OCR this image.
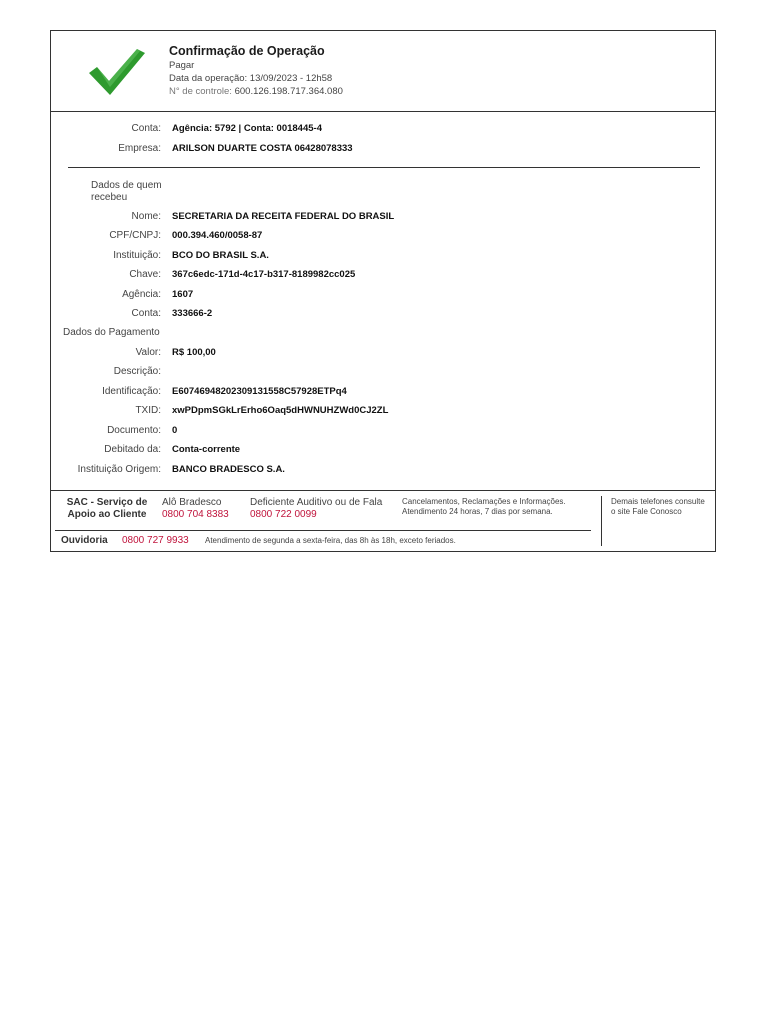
Confirmação de Operação
Pagar
Data da operação: 13/09/2023 - 12h58
N° de controle: 600.126.198.717.364.080
Conta: Agência: 5792 | Conta: 0018445-4
Empresa: ARILSON DUARTE COSTA 06428078333
Dados de quem recebeu
Nome: SECRETARIA DA RECEITA FEDERAL DO BRASIL
CPF/CNPJ: 000.394.460/0058-87
Instituição: BCO DO BRASIL S.A.
Chave: 367c6edc-171d-4c17-b317-8189982cc025
Agência: 1607
Conta: 333666-2
Dados do Pagamento
Valor: R$ 100,00
Descrição:
Identificação: E60746948202309131558C57928ETPq4
TXID: xwPDpmSGkLrErho6Oaq5dHWNUHZWd0CJ2ZL
Documento: 0
Debitado da: Conta-corrente
Instituição Origem: BANCO BRADESCO S.A.
SAC - Serviço de Apoio ao Cliente
Alô Bradesco
0800 704 8383
Deficiente Auditivo ou de Fala
0800 722 0099
Cancelamentos, Reclamações e Informações. Atendimento 24 horas, 7 dias por semana.
Demais telefones consulte o site Fale Conosco
Ouvidoria 0800 727 9933 Atendimento de segunda a sexta-feira, das 8h às 18h, exceto feriados.
